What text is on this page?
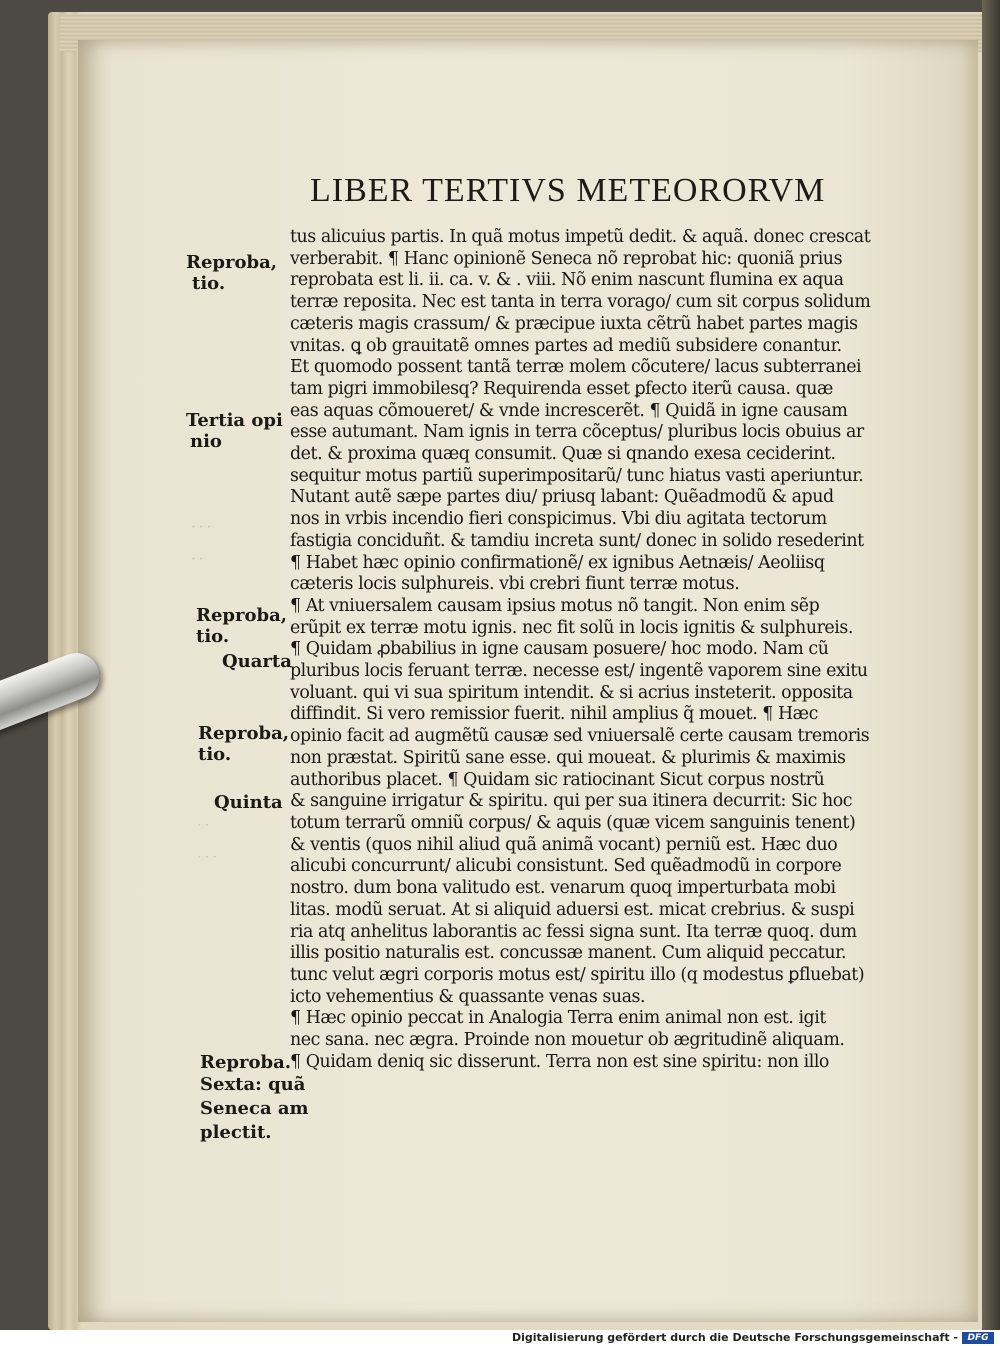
⸱ ⸱ ⸱
⸱ ⸱
⸱ ⸱
⸱ ⸱ ⸱
LIBER TERTIVS METEORORVM
tus alicuius partis. In quã motus impetũ dedit. & aquã. donec crescat
verberabit. ¶ Hanc opinionẽ Seneca nõ reprobat hic: quoniã prius
reprobata est li. ii. ca. v. & . viii. Nõ enim nascunt̃ flumina ex aqua
terræ reposita. Nec est tanta in terra vorago/ cum sit corpus solidum
cæteris magis crassum/ & præcipue iuxta cẽtrũ habet partes magis
vnitas. ꝗ ob grauitatẽ omnes partes ad mediũ subsidere conantur.
Et quomodo possent tantã terræ molem cõcutere/ lacus subterranei
tam pigri immobilesq? Requirenda esset ꝑfecto iterũ causa. quæ
eas aquas cõmoueret/ & vnde increscerẽt. ¶ Quidã in igne causam
esse autumant. Nam ignis in terra cõceptus/ pluribus locis obuius ar
det. & proxima quæq consumit. Quæ si qnando exesa ceciderint.
sequitur motus partiũ superimpositarũ/ tunc hiatus vasti aperiuntur.
Nutant autẽ sæpe partes diu/ priusq labant: Quẽadmodũ & apud
nos in vrbis incendio fieri conspicimus. Vbi diu agitata tectorum
fastigia conciduñt. & tamdiu increta sunt/ donec in solido resederint
¶ Habet hæc opinio confirmationẽ/ ex ignibus Aetnæis/ Aeoliisq
cæteris locis sulphureis. vbi crebri fiunt terræ motus.
¶ At vniuersalem causam ipsius motus nõ tangit. Non enim sẽp
erũpit ex terræ motu ignis. nec fit solũ in locis ignitis & sulphureis.
¶ Quidam ꝓbabilius in igne causam posuere/ hoc modo. Nam cũ
pluribus locis feruant terræ. necesse est/ ingentẽ vaporem sine exitu
voluant. qui vi sua spiritum intendit. & si acrius insteterit. opposita
diffindit. Si vero remissior fuerit. nihil amplius q̃ mouet. ¶ Hæc
opinio facit ad augmẽtũ causæ sed vniuersalẽ certe causam tremoris
non præstat. Spiritũ sane esse. qui moueat. & plurimis & maximis
authoribus placet. ¶ Quidam sic ratiocinant̃ Sicut corpus nostrũ
& sanguine irrigatur & spiritu. qui per sua itinera decurrit: Sic hoc
totum terrarũ omniũ corpus/ & aquis (quæ vicem sanguinis tenent)
& ventis (quos nihil aliud quã animã vocant) perniũ est. Hæc duo
alicubi concurrunt/ alicubi consistunt. Sed quẽadmodũ in corpore
nostro. dum bona valitudo est. venarum quoq imperturbata mobi
litas. modũ seruat. At si aliquid aduersi est. micat crebrius. & suspi
ria atq anhelitus laborantis ac fessi signa sunt. Ita terræ quoq. dum
illis positio naturalis est. concussæ manent. Cum aliquid peccatur.
tunc velut ægri corporis motus est/ spiritu illo (q modestus ꝑfluebat)
icto vehementius & quassante venas suas.
¶ Hæc opinio peccat in Analogia Terra enim animal non est. igit̃
nec sana. nec ægra. Proinde non mouetur ob ægritudinẽ aliquam.
¶ Quidam deniq sic disserunt. Terra non est sine spiritu: non illo
Reproba,
tio.
Tertia opi
nio
Reproba,
tio.
Quarta
Reproba,
tio.
Quinta
Reproba.
Sexta: quã
Seneca am
plectit.
Digitalisierung gefördert durch die Deutsche Forschungsgemeinschaft -	DFG
